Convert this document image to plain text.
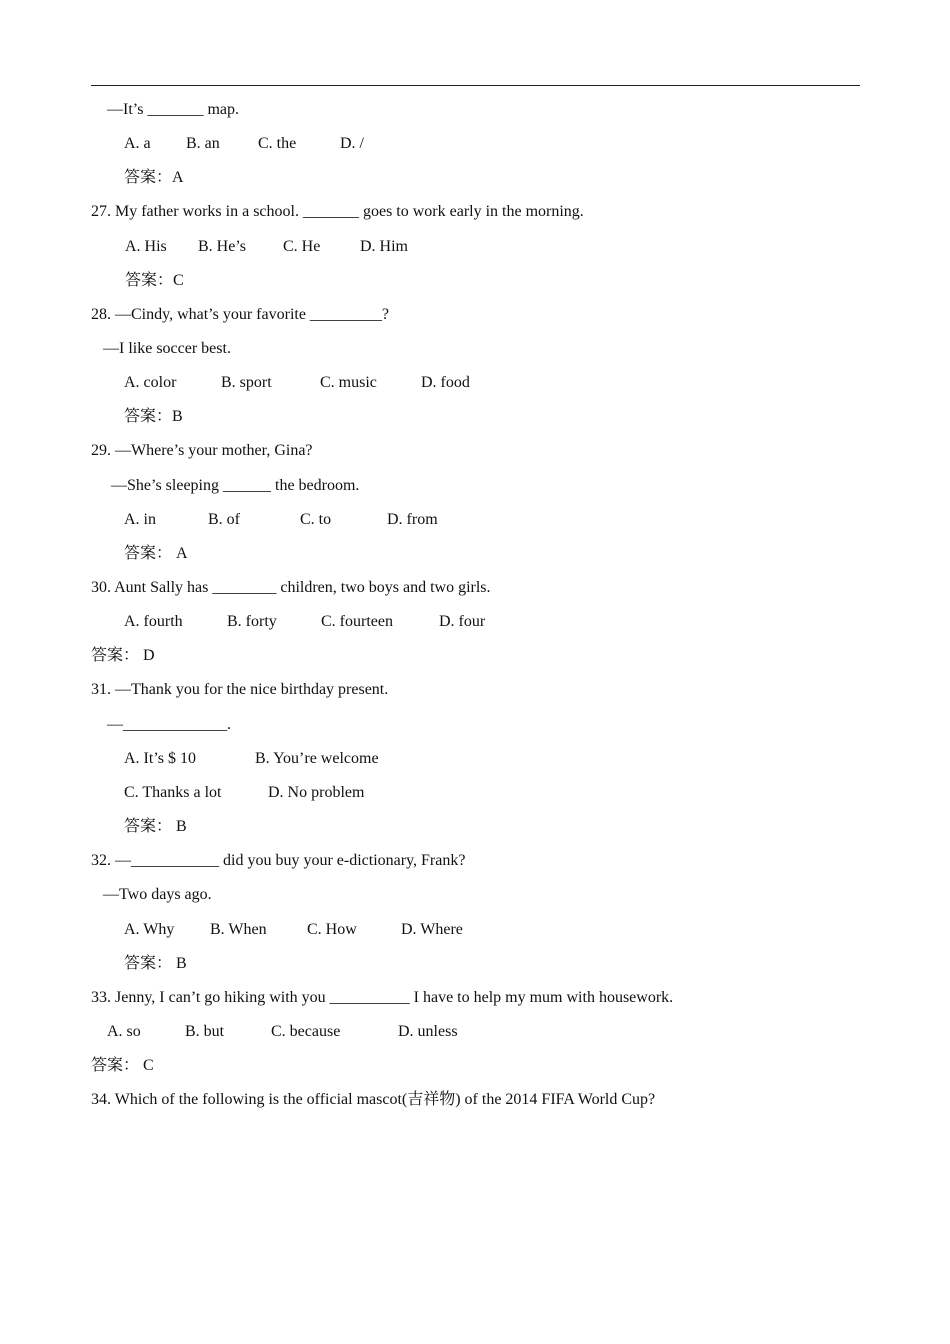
—It’s _______ map.
A. a B. an C. the	D. /
答案：A
27. My father works in a school. _______ goes to work early in the morning.
A. His B. He’s C. He D. Him
答案：C
28. —Cindy, what’s your favorite _________?
—I like soccer best.
A. color	B. sport	C. music	D. food
答案：B
29. —Where’s your mother, Gina?
—She’s sleeping ______ the bedroom.
A. in	B. of	C. to	D. from
答案： A
30. Aunt Sally has ________ children, two boys and two girls.
A. fourth	B. forty	C. fourteen	D. four
答案： D
31. —Thank you for the nice birthday present.
—_____________.
A. It’s $ 10	B. You’re welcome
C. Thanks a lot	D. No problem
答案： B
32. —___________ did you buy your e-dictionary, Frank?
—Two days ago.
A. Why B. When	C. How	D. Where
答案： B
33. Jenny, I can’t go hiking with you __________ I have to help my mum with housework.
A. so	B. but	C. because	D. unless
答案： C
34. Which of the following is the official mascot(吉祥物) of the 2014 FIFA World Cup?
